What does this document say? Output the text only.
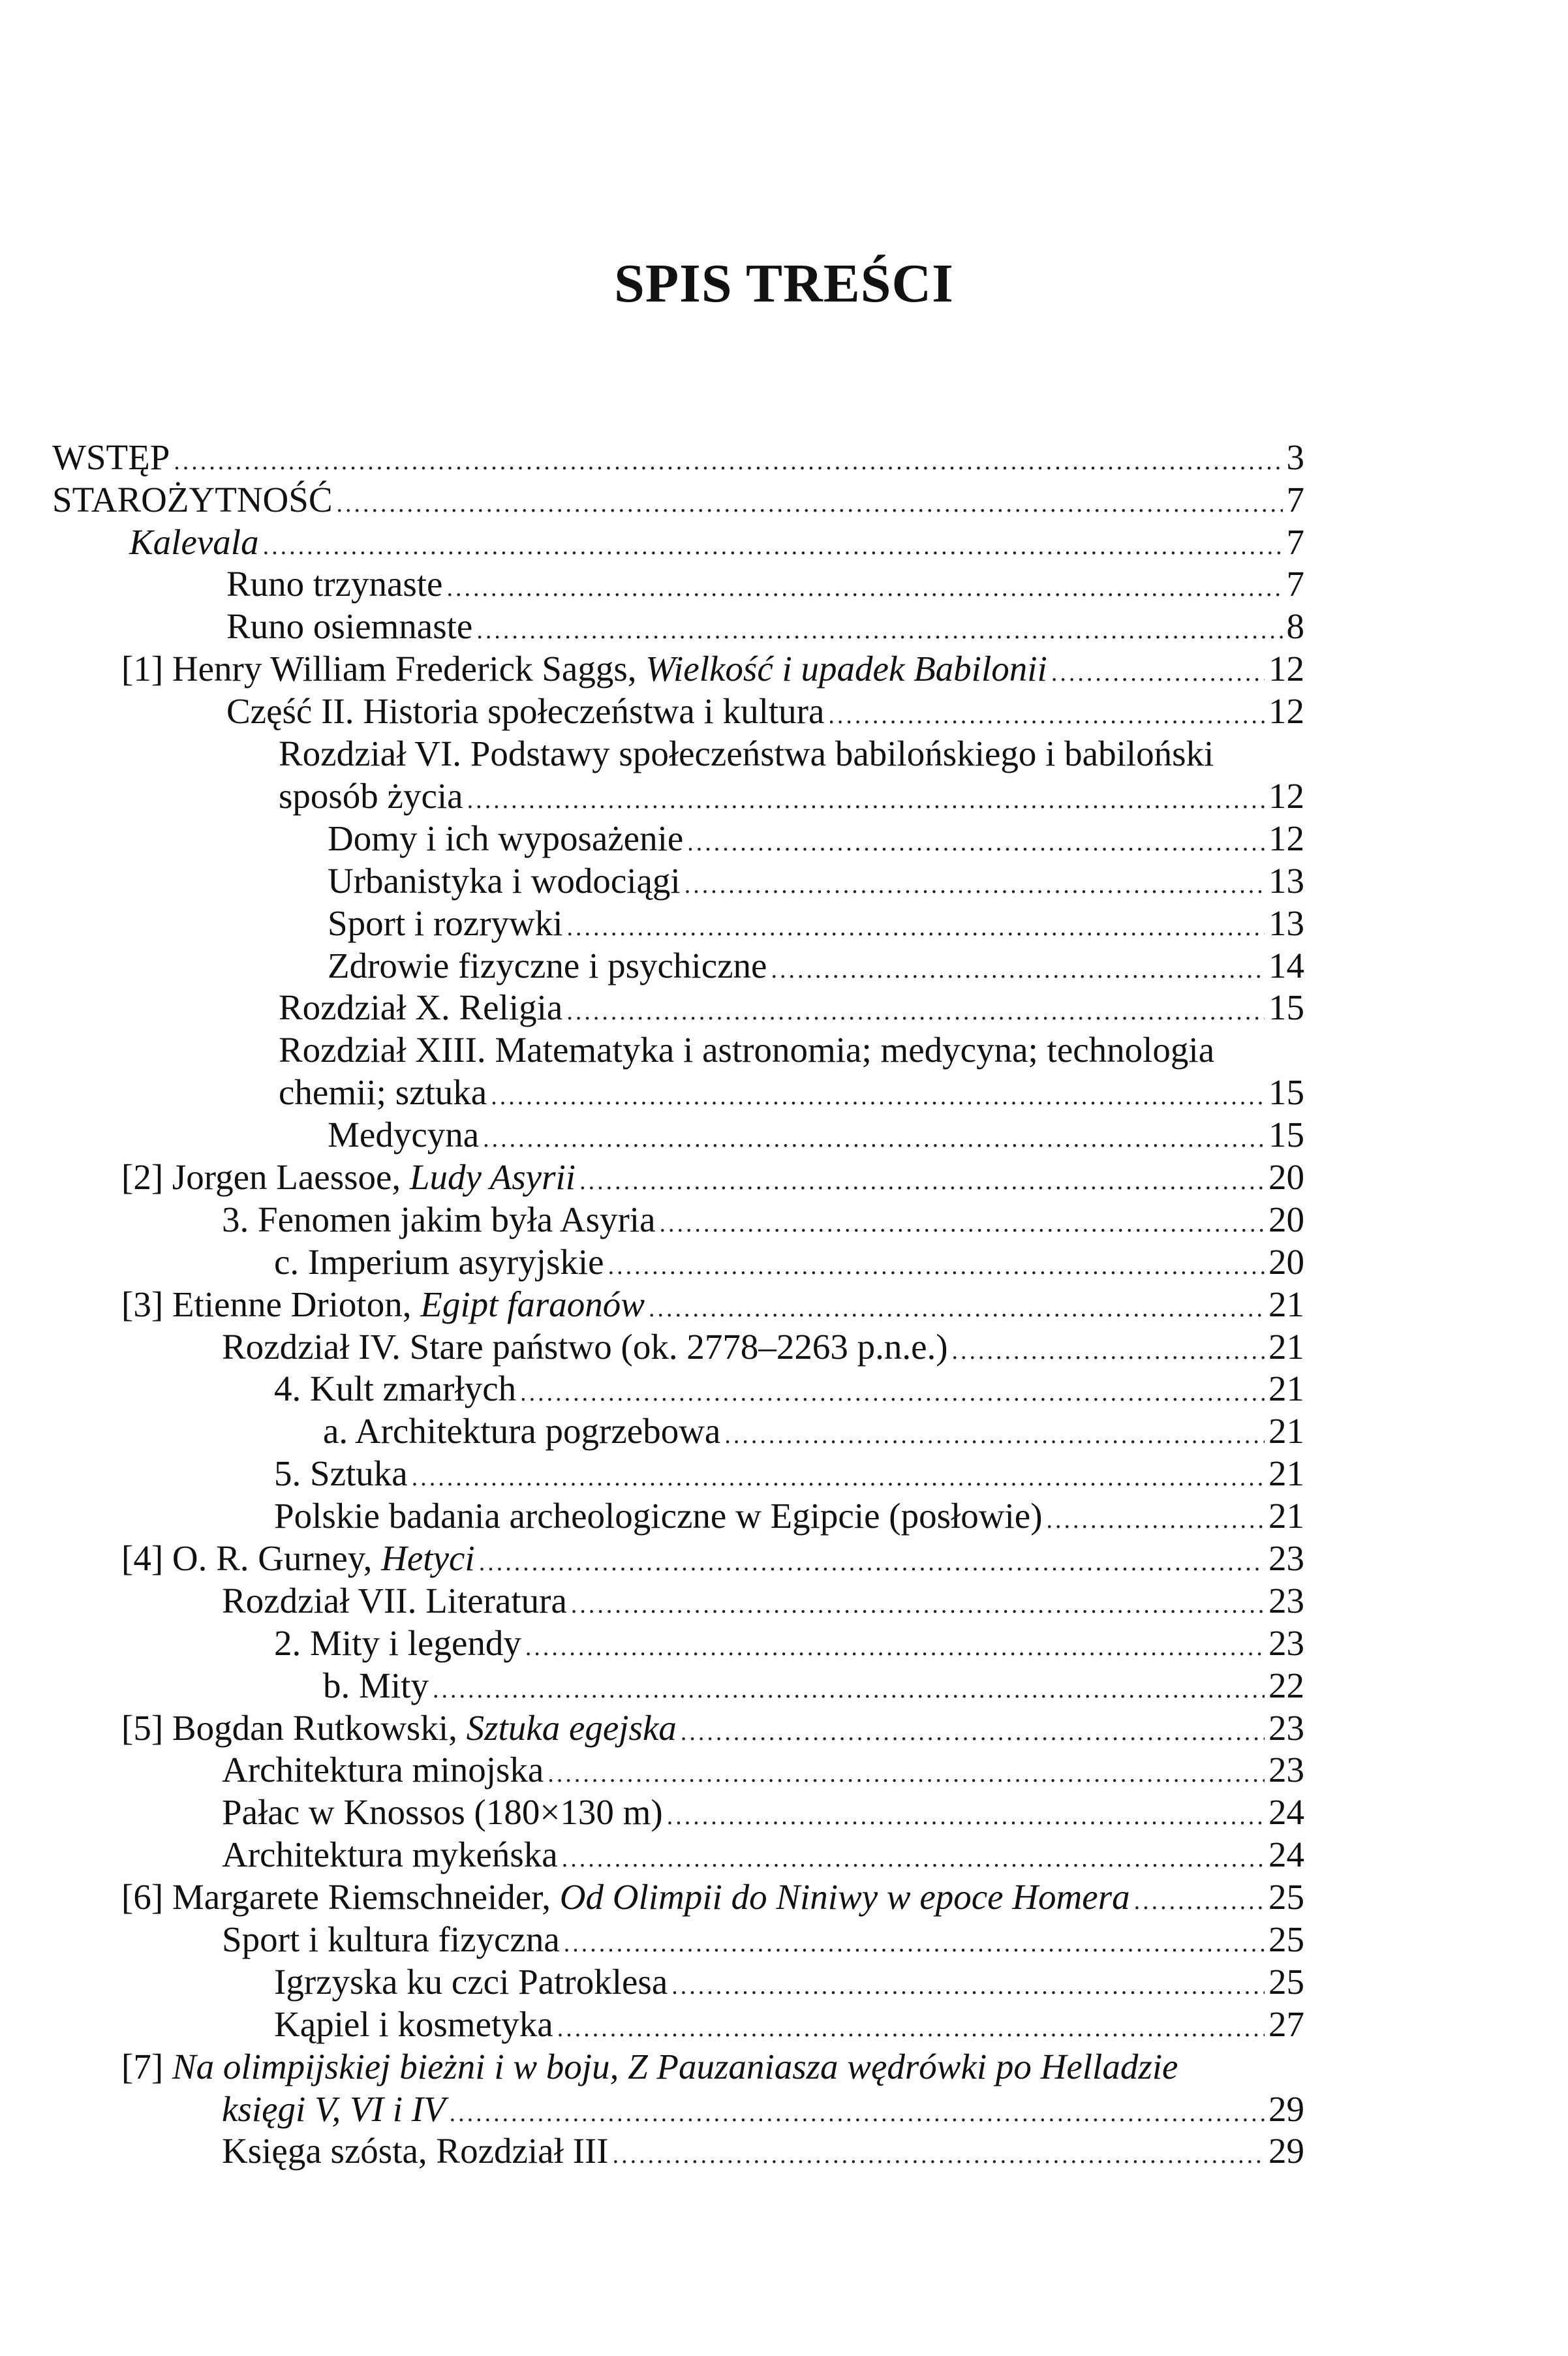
SPIS TREŚCI
WSTĘP .....	3
STAROŻYTNOŚĆ .....	7
Kalevala .....	7
Runo trzynaste .....	7
Runo osiemnaste .....	8
[1] Henry William Frederick Saggs, Wielkość i upadek Babilonii .....	12
Część II. Historia społeczeństwa i kultura .....	12
Rozdział VI. Podstawy społeczeństwa babilońskiego i babiloński
sposób życia .....	12
Domy i ich wyposażenie .....	12
Urbanistyka i wodociągi .....	13
Sport i rozrywki .....	13
Zdrowie fizyczne i psychiczne .....	14
Rozdział X. Religia .....	15
Rozdział XIII. Matematyka i astronomia; medycyna; technologia
chemii; sztuka .....	15
Medycyna .....	15
[2] Jorgen Laessoe, Ludy Asyrii .....	20
3. Fenomen jakim była Asyria .....	20
c. Imperium asyryjskie .....	20
[3] Etienne Drioton, Egipt faraonów .....	21
Rozdział IV. Stare państwo (ok. 2778–2263 p.n.e.) .....	21
4. Kult zmarłych .....	21
a. Architektura pogrzebowa .....	21
5. Sztuka .....	21
Polskie badania archeologiczne w Egipcie (posłowie) .....	21
[4] O. R. Gurney, Hetyci .....	23
Rozdział VII. Literatura .....	23
2. Mity i legendy .....	23
b. Mity .....	22
[5] Bogdan Rutkowski, Sztuka egejska .....	23
Architektura minojska .....	23
Pałac w Knossos (180×130 m) .....	24
Architektura mykeńska .....	24
[6] Margarete Riemschneider, Od Olimpii do Niniwy w epoce Homera .....	25
Sport i kultura fizyczna .....	25
Igrzyska ku czci Patroklesa .....	25
Kąpiel i kosmetyka .....	27
[7] Na olimpijskiej bieżni i w boju, Z Pauzaniasza wędrówki po Helladzie
księgi V, VI i IV .....	29
Księga szósta, Rozdział III .....	29
